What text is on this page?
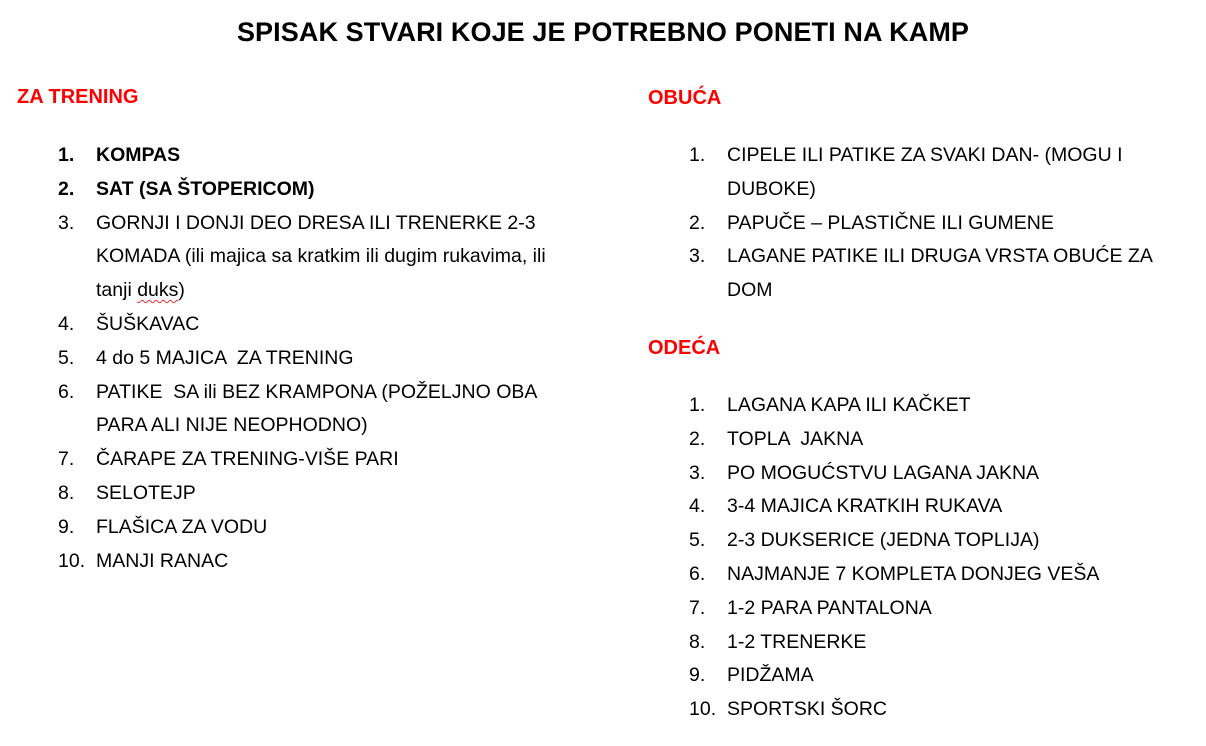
SPISAK STVARI KOJE JE POTREBNO PONETI NA KAMP
ZA TRENING
1.	KOMPAS
2.	SAT (SA ŠTOPERICOM)
3.	GORNJI I DONJI DEO DRESA ILI TRENERKE 2-3 KOMADA (ili majica sa kratkim ili dugim rukavima, ili tanji duks)
4.	ŠUŠKAVAC
5.	4 do 5 MAJICA  ZA TRENING
6.	PATIKE  SA ili BEZ KRAMPONA (POŽELJNO OBA PARA ALI NIJE NEOPHODNO)
7.	ČARAPE ZA TRENING-VIŠE PARI
8.	SELOTEJP
9.	FLAŠICA ZA VODU
10. MANJI RANAC
OBUĆA
1.	CIPELE ILI PATIKE ZA SVAKI DAN- (MOGU I DUBOKE)
2.	PAPUČE – PLASTIČNE ILI GUMENE
3.	LAGANE PATIKE ILI DRUGA VRSTA OBUĆE ZA DOM
ODEĆA
1.	LAGANA KAPA ILI KAČKET
2.	TOPLA  JAKNA
3.	PO MOGUĆSTVU LAGANA JAKNA
4.	3-4 MAJICA KRATKIH RUKAVA
5.	2-3 DUKSERICE (JEDNA TOPLIJA)
6.	NAJMANJE 7 KOMPLETA DONJEG VEŠA
7.	1-2 PARA PANTALONA
8.	1-2 TRENERKE
9.	PIDŽAMA
10. SPORTSKI ŠORC
